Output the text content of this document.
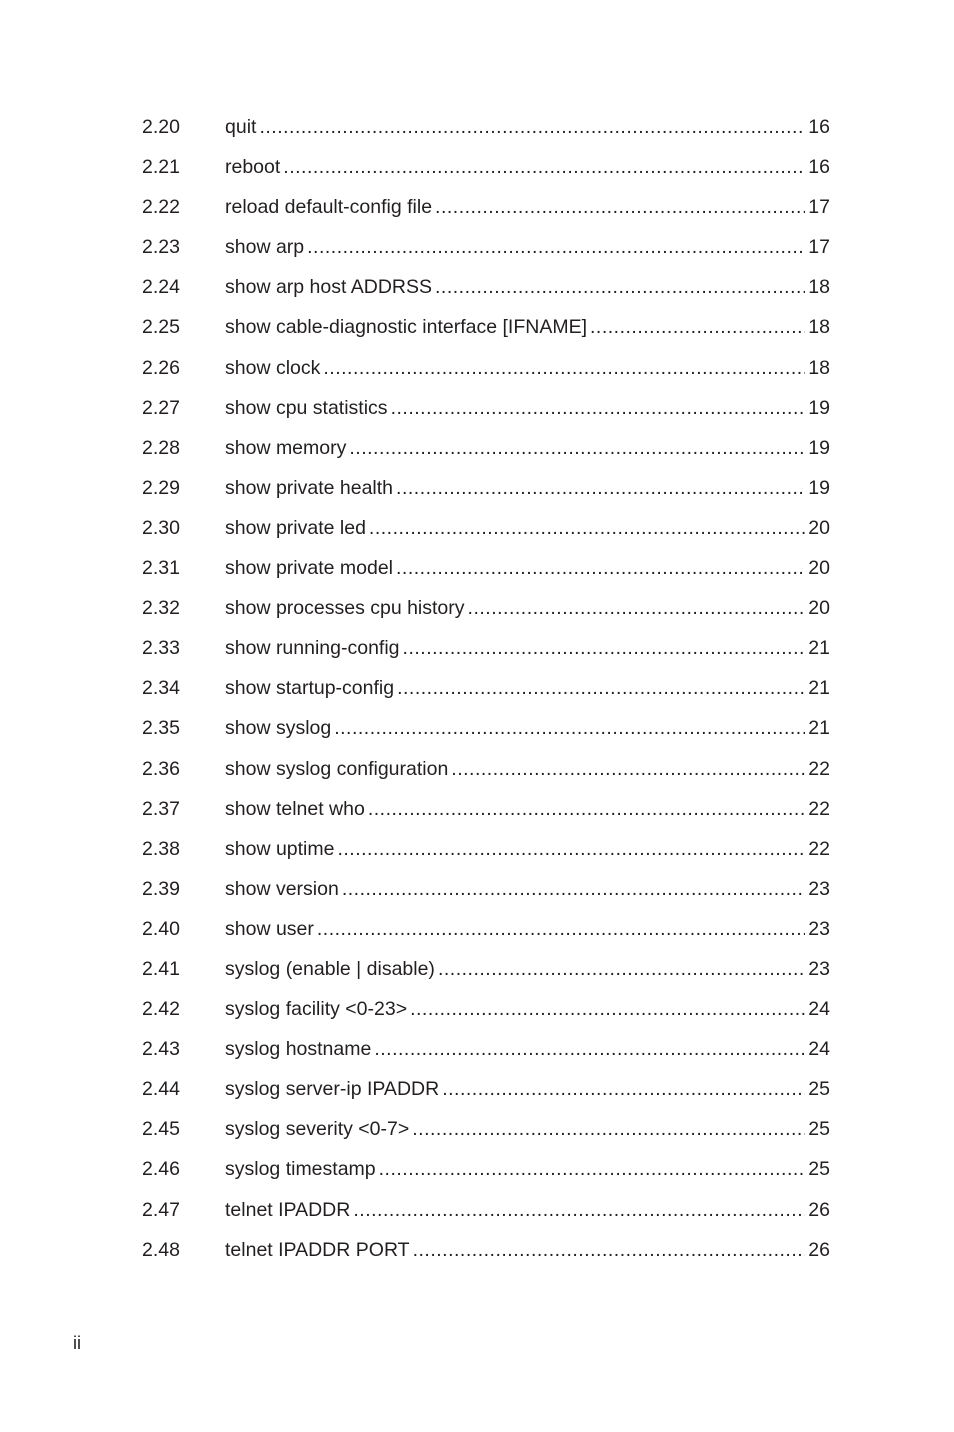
2.20	quit .....	16
2.21	reboot .....	16
2.22	reload default-config file .....	17
2.23	show arp .....	17
2.24	show arp host ADDRSS .....	18
2.25	show cable-diagnostic interface [IFNAME] .....	18
2.26	show clock .....	18
2.27	show cpu statistics .....	19
2.28	show memory .....	19
2.29	show private health .....	19
2.30	show private led .....	20
2.31	show private model .....	20
2.32	show processes cpu history .....	20
2.33	show running-config .....	21
2.34	show startup-config .....	21
2.35	show syslog .....	21
2.36	show syslog configuration .....	22
2.37	show telnet who .....	22
2.38	show uptime .....	22
2.39	show version .....	23
2.40	show user .....	23
2.41	syslog (enable | disable) .....	23
2.42	syslog facility <0-23> .....	24
2.43	syslog hostname .....	24
2.44	syslog server-ip IPADDR .....	25
2.45	syslog severity <0-7> .....	25
2.46	syslog timestamp .....	25
2.47	telnet IPADDR .....	26
2.48	telnet IPADDR PORT .....	26
ii
